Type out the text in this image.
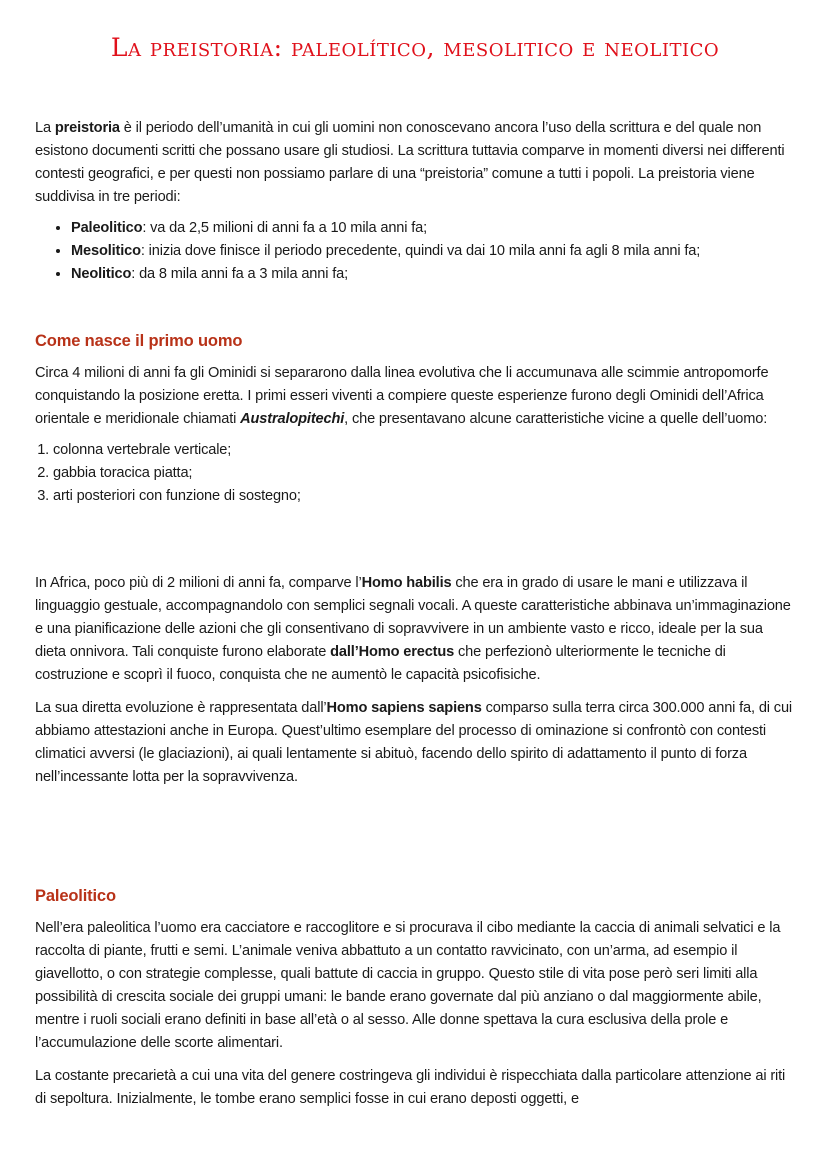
La preistoria: paleolítico, mesolitico e neolitico

La preistoria è il periodo dell’umanità in cui gli uomini non conoscevano ancora l’uso della scrittura e del quale non esistono documenti scritti che possano usare gli studiosi. La scrittura tuttavia comparve in momenti diversi nei differenti contesti geografici, e per questi non possiamo parlare di una “preistoria” comune a tutti i popoli. La preistoria viene suddivisa in tre periodi:

• Paleolitico: va da 2,5 milioni di anni fa a 10 mila anni fa;
• Mesolitico: inizia dove finisce il periodo precedente, quindi va dai 10 mila anni fa agli 8 mila anni fa;
• Neolitico: da 8 mila anni fa a 3 mila anni fa;
Come nasce il primo uomo

Circa 4 milioni di anni fa gli Ominidi si separarono dalla linea evolutiva che li accumunava alle scimmie antropomorfe conquistando la posizione eretta. I primi esseri viventi a compiere queste esperienze furono degli Ominidi dell’Africa orientale e meridionale chiamati Australopitechi, che presentavano alcune caratteristiche vicine a quelle dell’uomo:

1. colonna vertebrale verticale;
2. gabbia toracica piatta;
3. arti posteriori con funzione di sostegno;

In Africa, poco più di 2 milioni di anni fa, comparve l’Homo habilis che era in grado di usare le mani e utilizzava il linguaggio gestuale, accompagnandolo con semplici segnali vocali. A queste caratteristiche abbinava un’immaginazione e una pianificazione delle azioni che gli consentivano di sopravvivere in un ambiente vasto e ricco, ideale per la sua dieta onnivora. Tali conquiste furono elaborate dall’Homo erectus che perfezionò ulteriormente le tecniche di costruzione e scoprì il fuoco, conquista che ne aumentò le capacità psicofisiche.

La sua diretta evoluzione è rappresentata dall’Homo sapiens sapiens comparso sulla terra circa 300.000 anni fa, di cui abbiamo attestazioni anche in Europa. Quest’ultimo esemplare del processo di ominazione si confrontò con contesti climatici avversi (le glaciazioni), ai quali lentamente si abituò, facendo dello spirito di adattamento il punto di forza nell’incessante lotta per la sopravvivenza.

Paleolitico

Nell’era paleolitica l’uomo era cacciatore e raccoglitore e si procurava il cibo mediante la caccia di animali selvatici e la raccolta di piante, frutti e semi. L’animale veniva abbattuto a un contatto ravvicinato, con un’arma, ad esempio il giavellotto, o con strategie complesse, quali battute di caccia in gruppo. Questo stile di vita pose però seri limiti alla possibilità di crescita sociale dei gruppi umani: le bande erano governate dal più anziano o dal maggiormente abile, mentre i ruoli sociali erano definiti in base all’età o al sesso. Alle donne spettava la cura esclusiva della prole e l’accumulazione delle scorte alimentari.

La costante precarietà a cui una vita del genere costringeva gli individui è rispecchiata dalla particolare attenzione ai riti di sepoltura. Inizialmente, le tombe erano semplici fosse in cui erano deposti oggetti, e
